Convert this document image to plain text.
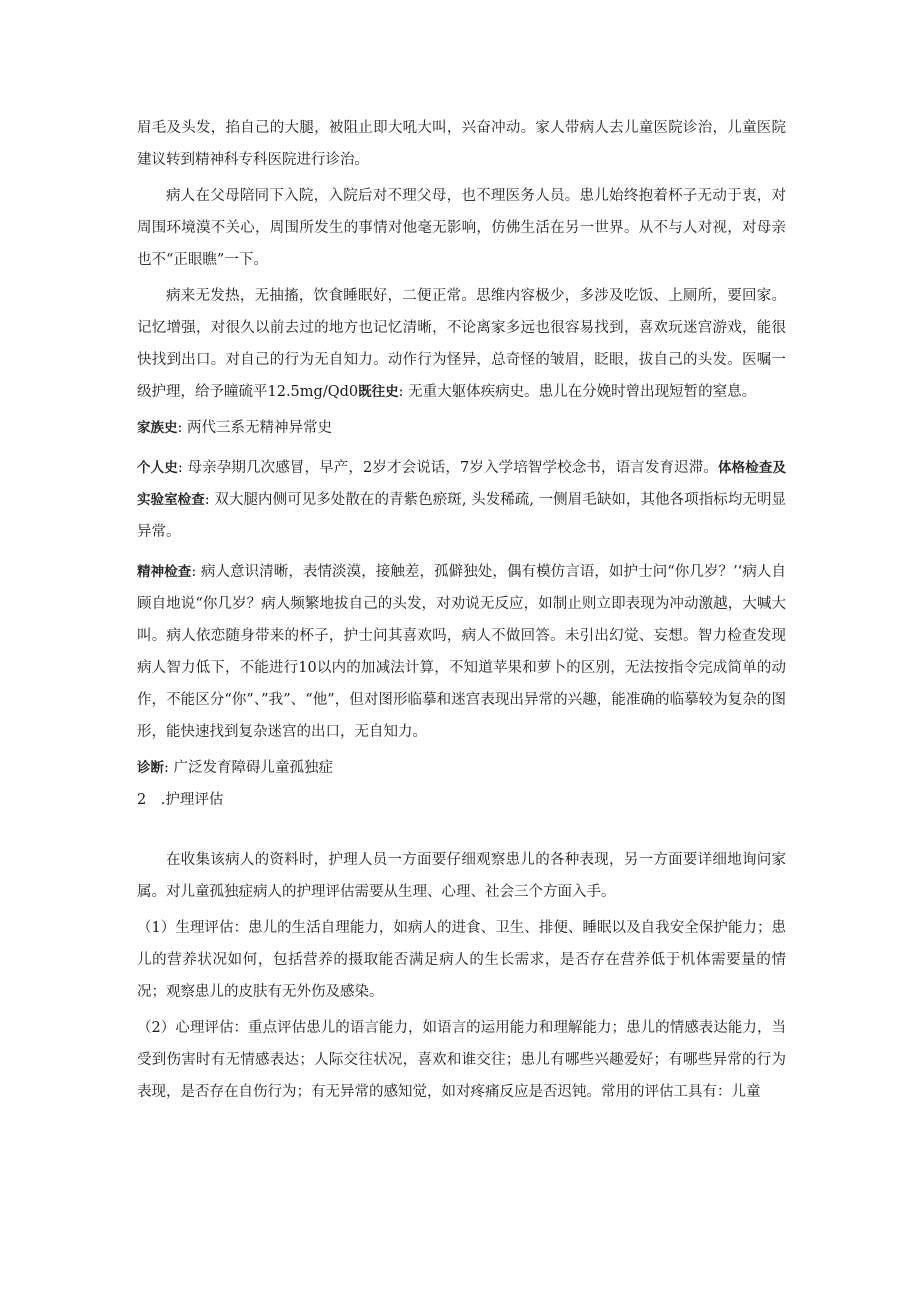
眉毛及头发，掐自己的大腿，被阻止即大吼大叫，兴奋冲动。家人带病人去儿童医院诊治，儿童医院建议转到精神科专科医院进行诊治。

病人在父母陪同下入院，入院后对不理父母，也不理医务人员。患儿始终抱着杯子无动于衷，对周围环境漠不关心，周围所发生的事情对他毫无影响，仿佛生活在另一世界。从不与人对视，对母亲也不“正眼瞧”一下。

病来无发热，无抽搐，饮食睡眠好，二便正常。思维内容极少，多涉及吃饭、上厕所，要回家。记忆增强，对很久以前去过的地方也记忆清晰，不论离家多远也很容易找到，喜欢玩迷宫游戏，能很快找到出口。对自己的行为无自知力。动作行为怪异，总奇怪的皱眉，眨眼，拔自己的头发。医嘱一级护理，给予瞳硫平12.5mg/Qd0既往史: 无重大躯体疾病史。患儿在分娩时曾出现短暂的窒息。

家族史: 两代三系无精神异常史

个人史: 母亲孕期几次感冒，早产，2岁才会说话，7岁入学培智学校念书，语言发育迟滞。体格检查及实验室检查: 双大腿内侧可见多处散在的青紫色瘀斑, 头发稀疏, 一侧眉毛缺如，其他各项指标均无明显异常。

精神检查: 病人意识清晰，表情淡漠，接触差，孤僻独处，偶有模仿言语，如护士问“你几岁？’‘病人自顾自地说“你几岁？病人频繁地拔自己的头发，对劝说无反应，如制止则立即表现为冲动激越，大喊大叫。病人依恋随身带来的杯子，护士问其喜欢吗，病人不做回答。未引出幻觉、妄想。智力检查发现病人智力低下，不能进行10以内的加减法计算，不知道苹果和萝卜的区别，无法按指令完成简单的动作，不能区分“你”、”我”、“他”，但对图形临摹和迷宫表现出异常的兴趣，能准确的临摹较为复杂的图形，能快速找到复杂迷宫的出口，无自知力。

诊断: 广泛发育障碍儿童孤独症

2　.护理评估

在收集该病人的资料时，护理人员一方面要仔细观察患儿的各种表现，另一方面要详细地询问家属。对儿童孤独症病人的护理评估需要从生理、心理、社会三个方面入手。

（1）生理评估：患儿的生活自理能力，如病人的进食、卫生、排便、睡眠以及自我安全保护能力；患儿的营养状况如何，包括营养的摄取能否满足病人的生长需求，是否存在营养低于机体需要量的情况；观察患儿的皮肤有无外伤及感染。

（2）心理评估：重点评估患儿的语言能力，如语言的运用能力和理解能力；患儿的情感表达能力，当受到伤害时有无情感表达；人际交往状况，喜欢和谁交往；患儿有哪些兴趣爱好；有哪些异常的行为表现，是否存在自伤行为；有无异常的感知觉，如对疼痛反应是否迟钝。常用的评估工具有：儿童
